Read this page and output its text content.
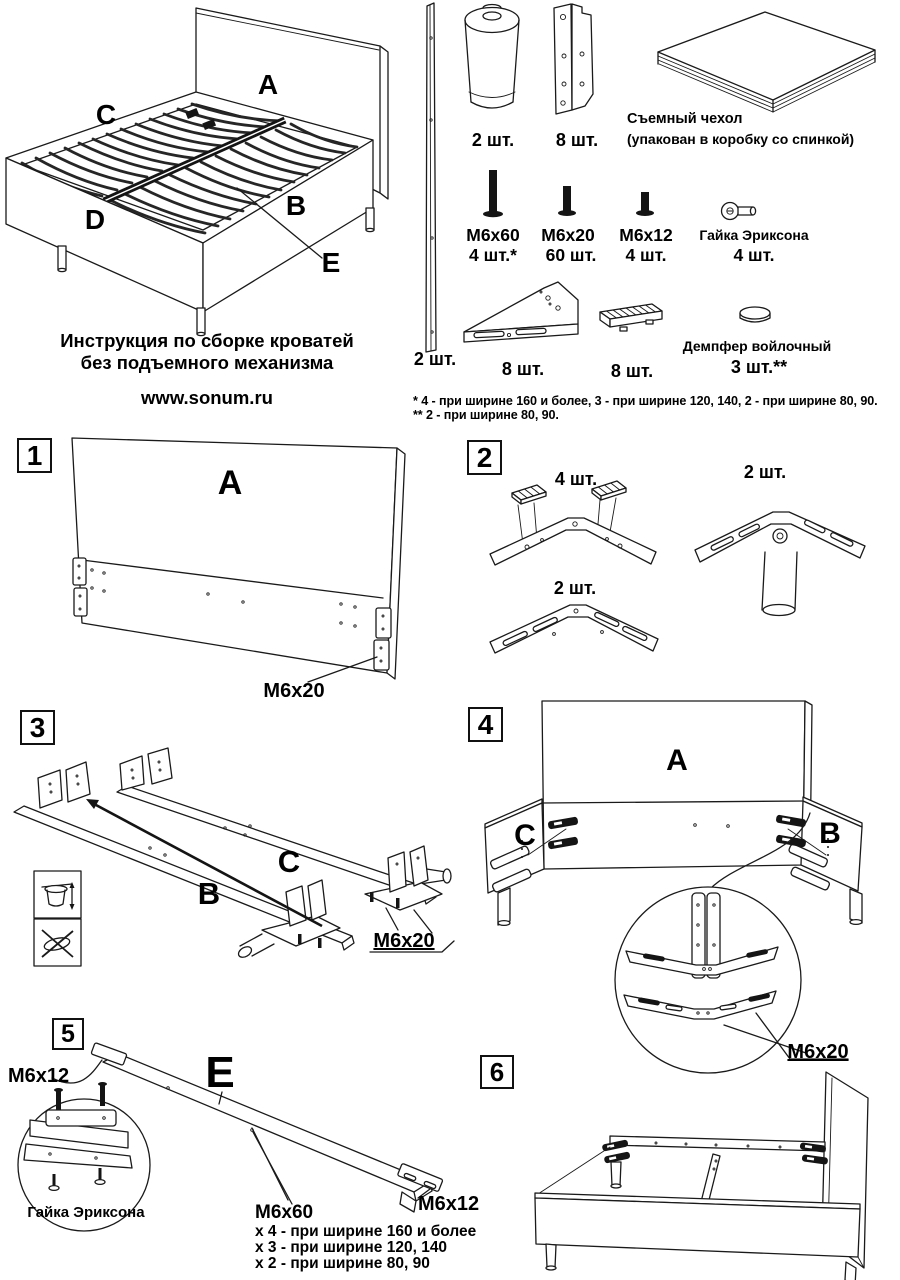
A
C
D	B
E
Инструкция по сборке кроватей
без подъемного механизма
www.sonum.ru
2 шт.
2 шт. 8 шт.
Съемный чехол
(упакован в коробку со спинкой)
М6х60
4 шт.*
М6х20
60 шт.
М6х12
4 шт.
Гайка Эриксона
4 шт.
8 шт.	8 шт.
Демпфер войлочный
3 шт.**
* 4 - при ширине 160 и более, 3 - при ширине 120, 140, 2 - при ширине 80, 90.
** 2 - при ширине 80, 90.
1	2
3	4
5
6
A
M6x20
4 шт.	2 шт.
2 шт.
C
B
M6x20
A
C	B
M6x20
М6х12	E
Гайка Эриксона	М6х60
х 4 - при ширине 160 и более
х 3 - при ширине 120, 140
х 2 - при ширине 80, 90
M6x12
